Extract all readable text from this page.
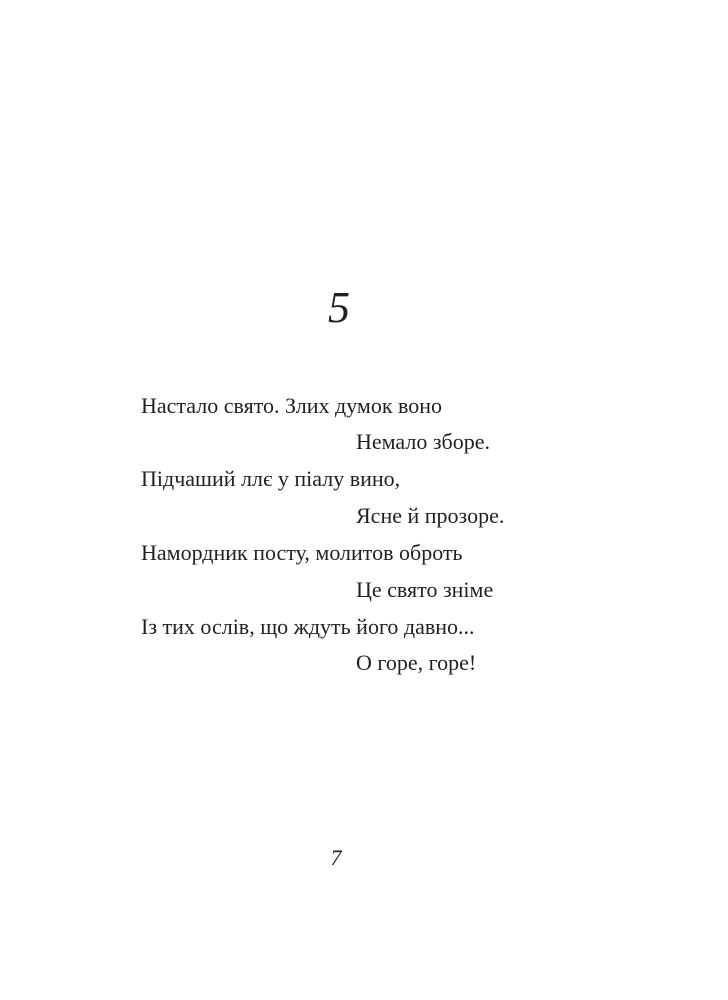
5
Настало свято. Злих думок воно
Немало зборе.
Підчаший ллє у піалу вино,
Ясне й прозоре.
Намордник посту, молитов оброть
Це свято зніме
Із тих ослів, що ждуть його давно...
О горе, горе!
7
